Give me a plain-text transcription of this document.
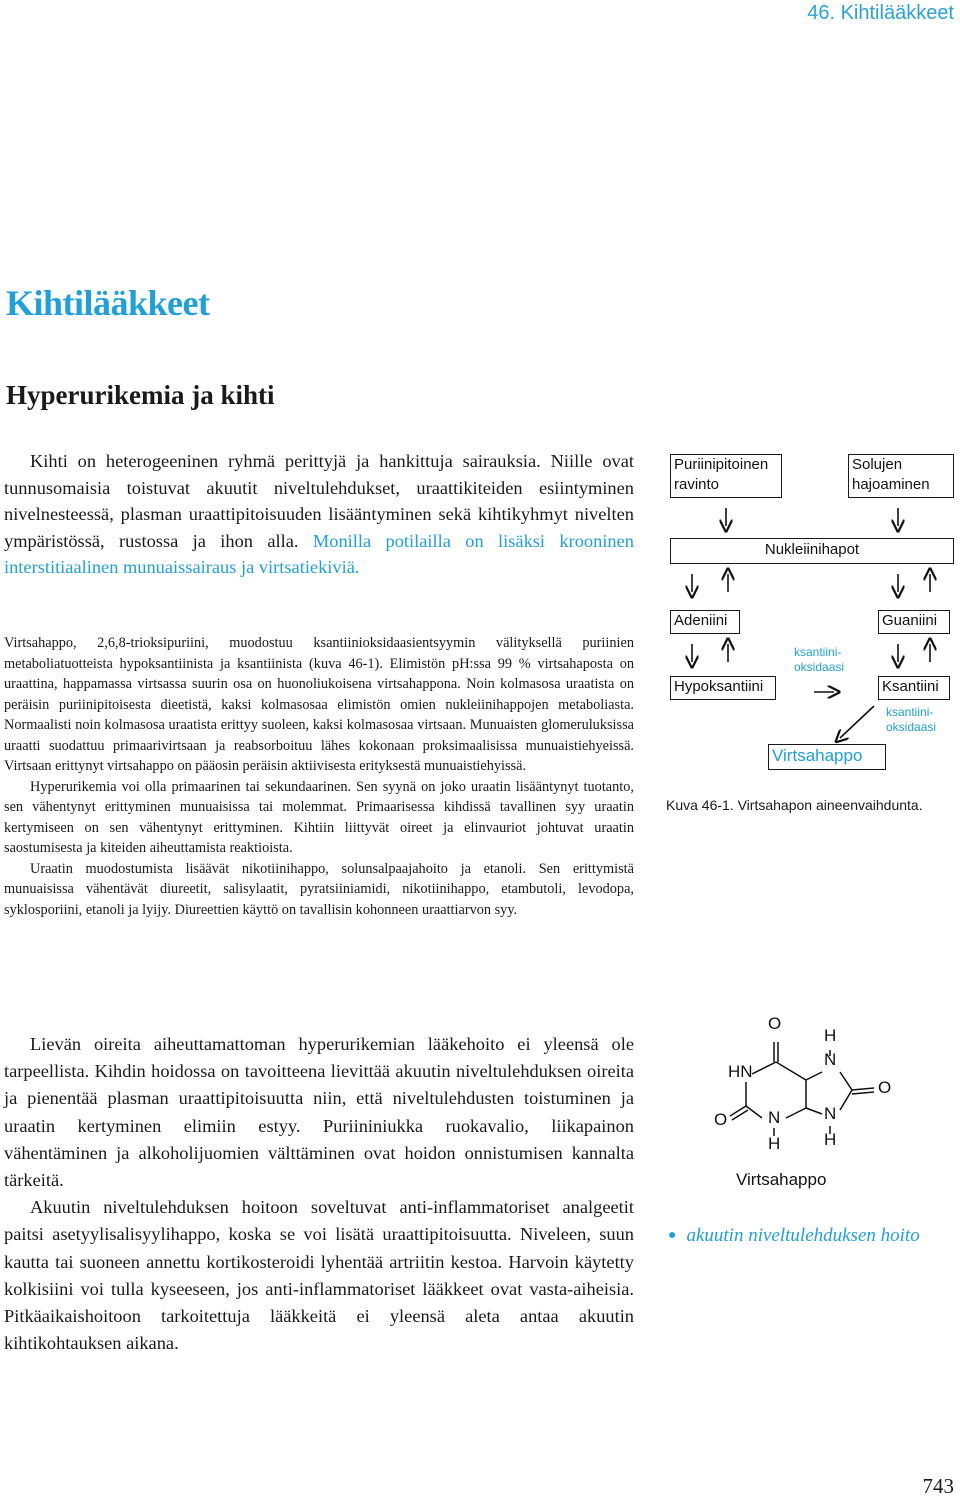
46. Kihtilääkkeet
Kihtilääkkeet
Hyperurikemia ja kihti

Kihti on heterogeeninen ryhmä perittyjä ja hankittuja sairauksia. Niille ovat tunnusomaisia toistuvat akuutit niveltulehdukset, uraattikiteiden esiintyminen nivelnesteessä, plasman uraattipitoisuuden lisääntyminen sekä kihtikyhmyt nivelten ympäristössä, rustossa ja ihon alla. Monilla potilailla on lisäksi krooninen interstitiaalinen munuaissairaus ja virtsatiekiviä.

Virtsahappo, 2,6,8-trioksipuriini, muodostuu ksantiinioksidaasientsyymin välityksellä puriinien metaboliatuotteista hypoksantiinista ja ksantiinista (kuva 46-1). Elimistön pH:ssa 99 % virtsahaposta on uraattina, happamassa virtsassa suurin osa on huonoliukoisena virtsahappona. Noin kolmasosa uraatista on peräisin puriinipitoisesta dieetistä, kaksi kolmasosaa elimistön omien nukleiinihappojen metaboliasta. Normaalisti noin kolmasosa uraatista erittyy suoleen, kaksi kolmasosaa virtsaan. Munuaisten glomeruluksissa uraatti suodattuu primaarivirtsaan ja reabsorboituu lähes kokonaan proksimaalisissa munuaistiehyeissä. Virtsaan erittynyt virtsahappo on pääosin peräisin aktiivisesta erityksestä munuaistiehyissä.

Hyperurikemia voi olla primaarinen tai sekundaarinen. Sen syynä on joko uraatin lisääntynyt tuotanto, sen vähentynyt erittyminen munuaisissa tai molemmat. Primaarisessa kihdissä tavallinen syy uraatin kertymiseen on sen vähentynyt erittyminen. Kihtiin liittyvät oireet ja elinvauriot johtuvat uraatin saostumisesta ja kiteiden aiheuttamista reaktioista.

Uraatin muodostumista lisäävät nikotiinihappo, solunsalpaajahoito ja etanoli. Sen erittymistä munuaisissa vähentävät diureetit, salisylaatit, pyratsiiniamidi, nikotiinihappo, etambutoli, levodopa, syklosporiini, etanoli ja lyijy. Diureettien käyttö on tavallisin kohonneen uraattiarvon syy.

Lievän oireita aiheuttamattoman hyperurikemian lääkehoito ei yleensä ole tarpeellista. Kihdin hoidossa on tavoitteena lievittää akuutin niveltulehduksen oireita ja pienentää plasman uraattipitoisuutta niin, että niveltulehdusten toistuminen ja uraatin kertyminen elimiin estyy. Puriininiukka ruokavalio, liikapainon vähentäminen ja alkoholijuomien välttäminen ovat hoidon onnistumisen kannalta tärkeitä.

Akuutin niveltulehduksen hoitoon soveltuvat anti-inflammatoriset analgeetit paitsi asetyylisalisyylihappo, koska se voi lisätä uraattipitoisuutta. Niveleen, suun kautta tai suoneen annettu kortikosteroidi lyhentää artriitin kestoa. Harvoin käytetty kolkisiini voi tulla kyseeseen, jos anti-inflammatoriset lääkkeet ovat vasta-aiheisia. Pitkäaikaishoitoon tarkoitettuja lääkkeitä ei yleensä aleta antaa akuutin kihtikohtauksen aikana.

Puriinipitoinen ravinto
Solujen hajoaminen
Nukleiinihapot
Adeniini	Guaniini
Hypoksantiini	Ksantiini
Virtsahappo
ksantiini-
oksidaasi
ksantiini-
oksidaasi
Kuva 46-1. Virtsahapon aineenvaihdunta.
O
HN
H
N
O
O N	N
H	H
Virtsahappo
● akuutin niveltulehduksen hoito
743
